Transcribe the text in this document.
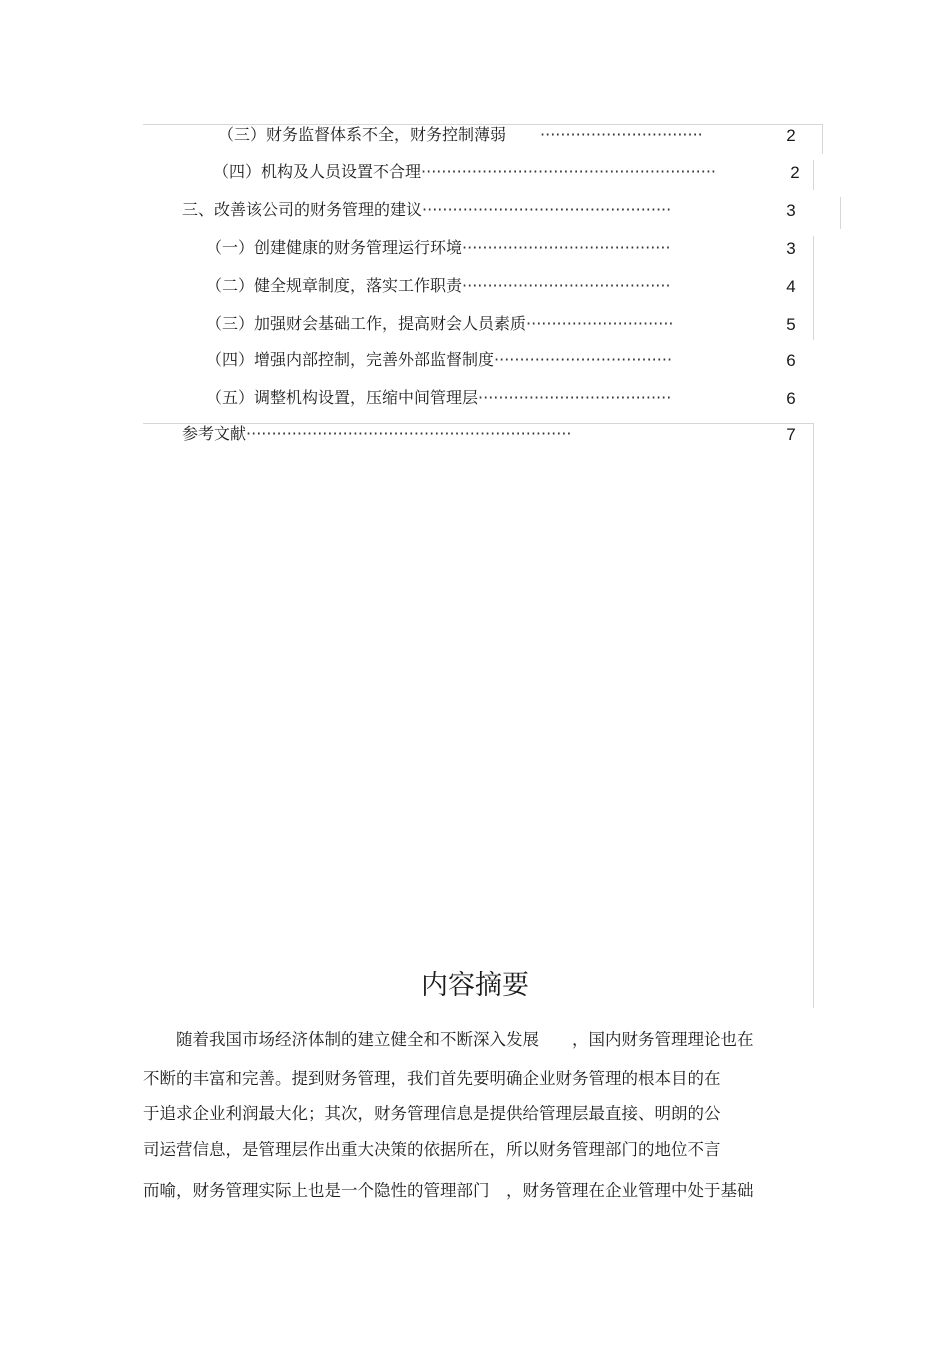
（三）财务监督体系不全，财务控制薄弱 ································	2
（四）机构及人员设置不合理··························································	2
三、改善该公司的财务管理的建议·················································	3
（一）创建健康的财务管理运行环境·········································	3
（二）健全规章制度，落实工作职责·········································	4
（三）加强财会基础工作，提高财会人员素质·····························	5
（四）增强内部控制，完善外部监督制度···································	6
（五）调整机构设置，压缩中间管理层······································	6
参考文献································································	7
内容摘要
随着我国市场经济体制的建立健全和不断深入发展　　，国内财务管理理论也在
不断的丰富和完善。提到财务管理，我们首先要明确企业财务管理的根本目的在
于追求企业利润最大化；其次，财务管理信息是提供给管理层最直接、明朗的公
司运营信息，是管理层作出重大决策的依据所在，所以财务管理部门的地位不言
而喻，财务管理实际上也是一个隐性的管理部门　，财务管理在企业管理中处于基础
